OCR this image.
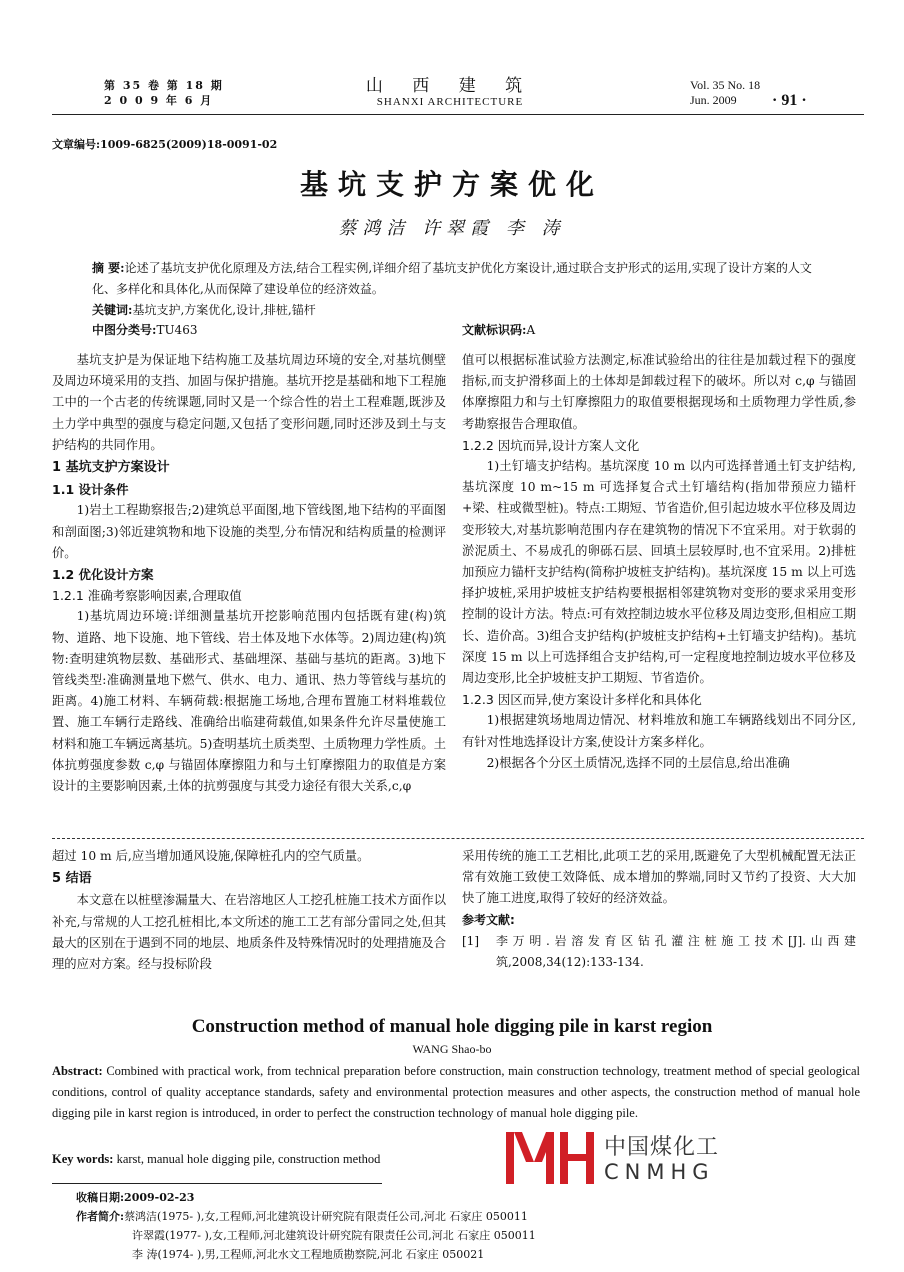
第 35 卷 第 18 期
2 0 0 9 年 6 月
山 西 建 筑
SHANXI ARCHITECTURE
Vol. 35 No. 18
Jun. 2009	· 91 ·
文章编号:1009-6825(2009)18-0091-02
基坑支护方案优化
蔡鸿洁 许翠霞 李 涛
摘 要:论述了基坑支护优化原理及方法,结合工程实例,详细介绍了基坑支护优化方案设计,通过联合支护形式的运用,实现了设计方案的人文化、多样化和具体化,从而保障了建设单位的经济效益。
关键词:基坑支护,方案优化,设计,排桩,锚杆
中图分类号:TU463	文献标识码:A

基坑支护是为保证地下结构施工及基坑周边环境的安全,对基坑侧壁及周边环境采用的支挡、加固与保护措施。基坑开挖是基础和地下工程施工中的一个古老的传统课题,同时又是一个综合性的岩土工程难题,既涉及土力学中典型的强度与稳定问题,又包括了变形问题,同时还涉及到土与支护结构的共同作用。

1 基坑支护方案设计

1.1 设计条件

1)岩土工程勘察报告;2)建筑总平面图,地下管线图,地下结构的平面图和剖面图;3)邻近建筑物和地下设施的类型,分布情况和结构质量的检测评价。

1.2 优化设计方案

1.2.1 准确考察影响因素,合理取值

1)基坑周边环境:详细测量基坑开挖影响范围内包括既有建(构)筑物、道路、地下设施、地下管线、岩土体及地下水体等。2)周边建(构)筑物:查明建筑物层数、基础形式、基础埋深、基础与基坑的距离。3)地下管线类型:准确测量地下燃气、供水、电力、通讯、热力等管线与基坑的距离。4)施工材料、车辆荷载:根据施工场地,合理布置施工材料堆载位置、施工车辆行走路线、准确给出临建荷载值,如果条件允许尽量使施工材料和施工车辆远离基坑。5)查明基坑土质类型、土质物理力学性质。土体抗剪强度参数 c,φ 与锚固体摩擦阻力和与土钉摩擦阻力的取值是方案设计的主要影响因素,土体的抗剪强度与其受力途径有很大关系,c,φ

值可以根据标准试验方法测定,标准试验给出的往往是加载过程下的强度指标,而支护滑移面上的土体却是卸载过程下的破坏。所以对 c,φ 与锚固体摩擦阻力和与土钉摩擦阻力的取值要根据现场和土质物理力学性质,参考勘察报告合理取值。

1.2.2 因坑而异,设计方案人文化

1)土钉墙支护结构。基坑深度 10 m 以内可选择普通土钉支护结构,基坑深度 10 m~15 m 可选择复合式土钉墙结构(指加带预应力锚杆+梁、柱或微型桩)。特点:工期短、节省造价,但引起边坡水平位移及周边变形较大,对基坑影响范围内存在建筑物的情况下不宜采用。对于软弱的淤泥质土、不易成孔的卵砾石层、回填土层较厚时,也不宜采用。2)排桩加预应力锚杆支护结构(简称护坡桩支护结构)。基坑深度 15 m 以上可选择护坡桩,采用护坡桩支护结构要根据相邻建筑物对变形的要求采用变形控制的设计方法。特点:可有效控制边坡水平位移及周边变形,但相应工期长、造价高。3)组合支护结构(护坡桩支护结构+土钉墙支护结构)。基坑深度 15 m 以上可选择组合支护结构,可一定程度地控制边坡水平位移及周边变形,比全护坡桩支护工期短、节省造价。

1.2.3 因区而异,使方案设计多样化和具体化

1)根据建筑场地周边情况、材料堆放和施工车辆路线划出不同分区,有针对性地选择设计方案,使设计方案多样化。

2)根据各个分区土质情况,选择不同的土层信息,给出准确

超过 10 m 后,应当增加通风设施,保障桩孔内的空气质量。

5 结语

本文意在以桩壁渗漏量大、在岩溶地区人工挖孔桩施工技术方面作以补充,与常规的人工挖孔桩相比,本文所述的施工工艺有部分雷同之处,但其最大的区别在于遇到不同的地层、地质条件及特殊情况时的处理措施及合理的应对方案。经与投标阶段

采用传统的施工工艺相比,此项工艺的采用,既避免了大型机械配置无法正常有效施工致使工效降低、成本增加的弊端,同时又节约了投资、大大加快了施工进度,取得了较好的经济效益。

参考文献:

[1]	李万明.岩溶发育区钻孔灌注桩施工技术[J].山西建筑,2008,34(12):133-134.
Construction method of manual hole digging pile in karst region
WANG Shao-bo
Abstract: Combined with practical work, from technical preparation before construction, main construction technology, treatment method of special geological conditions, control of quality acceptance standards, safety and environmental protection measures and other aspects, the construction method of manual hole digging pile in karst region is introduced, in order to perfect the construction technology of manual hole digging pile.
Key words: karst, manual hole digging pile, construction method	中国煤化工
CNMHG
收稿日期:2009-02-23
作者简介:蔡鸿洁(1975- ),女,工程师,河北建筑设计研究院有限责任公司,河北 石家庄 050011
许翠霞(1977- ),女,工程师,河北建筑设计研究院有限责任公司,河北 石家庄 050011
李 涛(1974- ),男,工程师,河北水文工程地质勘察院,河北 石家庄 050021
